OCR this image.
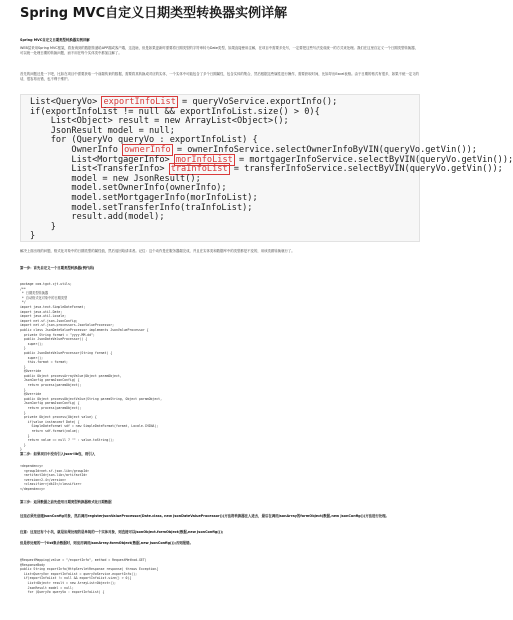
Spring MVC自定义日期类型转换器实例详解
Spring MVC自定义日期类型转换器实例详解
WEB层采用Spring MVC框架，将查询到的数据传递给APP端或客户端，这没啥，但是如果更新时需要将日期类型的字符串转为Date类型，如果直接使用注解，在项目中需要多处写，一定要把这些写法变成统一的方式来处理。我们在这里自定义一个日期类型转换器，可以统一处理日期的转换问题，而不用在每个实体类中都加注解了。
首先的问题还是一下吧，比如在项目中需要获取一个前端传来的数据，需要将其转换成对应的实体，一个实体中可能包含了多个日期属性，包含实体的集合，然后根据这些属性进行操作，需要获取时间，比如导出Excel表格。由于日期的格式有很多，如果不统一定义的话，很容易出错，也不利于维护。
List<QueryVo> exportInfoList = queryVoService.exportInfo();
if(exportInfoList != null && exportInfoList.size() > 0){
List<Object> result = new ArrayList<Object>();
JsonResult model = null;
for (QueryVo queryVo : exportInfoList) {
OwnerInfo ownerInfo = ownerInfoService.selectOwnerInfoByVIN(queryVo.getVin());
List<MortgagerInfo> morInfoList = mortgagerInfoService.selectByVIN(queryVo.getVin());
List<TransferInfo> traInfoList = transferInfoService.selectByVIN(queryVo.getVin());
model = new JsonResult();
model.setOwnerInfo(ownerInfo);
model.setMortgagerInfo(morInfoList);
model.setTransferInfo(traInfoList);
result.add(model);
}
}
解决上面出现的问题，格式化对象中的日期类型的属性值，然后返回给请求者。记住：这个动作是在服务器端完成，并且在实体类和数据库中的类型都是不变的，用该类做转换就行了。
第一步：首先自定义一个日期类型转换器(例代码)
package com.tgxt.cjt.utils;
/**
* 日期类型转换器
* 自动格式化对象中的日期类型
*/
import java.text.SimpleDateFormat;
import java.util.Date;
import java.util.Locale;
import net.sf.json.JsonConfig;
import net.sf.json.processors.JsonValueProcessor;
public class JsonDateValueProcessor implements JsonValueProcessor {
private String format = "yyyy-MM-dd";
public JsonDateValueProcessor() {
super();
}
public JsonDateValueProcessor(String format) {
super();
this.format = format;
}
@Override
public Object processArrayValue(Object paramObject,
JsonConfig paramJsonConfig) {
return process(paramObject);
}
@Override
public Object processObjectValue(String paramString, Object paramObject,
JsonConfig paramJsonConfig) {
return process(paramObject);
}
private Object process(Object value) {
if(value instanceof Date) {
SimpleDateFormat sdf = new SimpleDateFormat(format, Locale.CHINA);
return sdf.format(value);
}
return value == null ? "" : value.toString();
}
}
第二步：如果项目中没有引入json-lib包，则引入
<dependency>
<groupId>net.sf.json-lib</groupId>
<artifactId>json-lib</artifactId>
<version>2.4</version>
<classifier>jdk15</classifier>
</dependency>
第三步：返回数据之前先使用日期类型转换器格式化日期数据
这里必须先创建JsonConfig对象，然后调用registerJsonValueProcessor(Date.class, new JsonDateValueProcessor())方法将转换器注入进去，最后在调用JsonArray的formObject(数据,new JsonConfig())方法进行处理。
注意：这里还有个小坑，就是如果处理的是单纯的一个实体对象，则直接可以JsonObject.formObject(数据,new JsonConfig());
但是你处理的一个list集合数据时，则应用调用JsonArray.formObject(数据,new JsonConfig());否则报错。
@RequestMapping(value = "/exportInfo", method = RequestMethod.GET)
@ResponseBody
public String exportInfo(HttpServletResponse response) throws Exception{
List<QueryVo> exportInfoList = queryVoService.exportInfo();
if(exportInfoList != null && exportInfoList.size() > 0){
List<Object> result = new ArrayList<Object>();
JsonResult model = null;
for (QueryVo queryVo : exportInfoList) {
